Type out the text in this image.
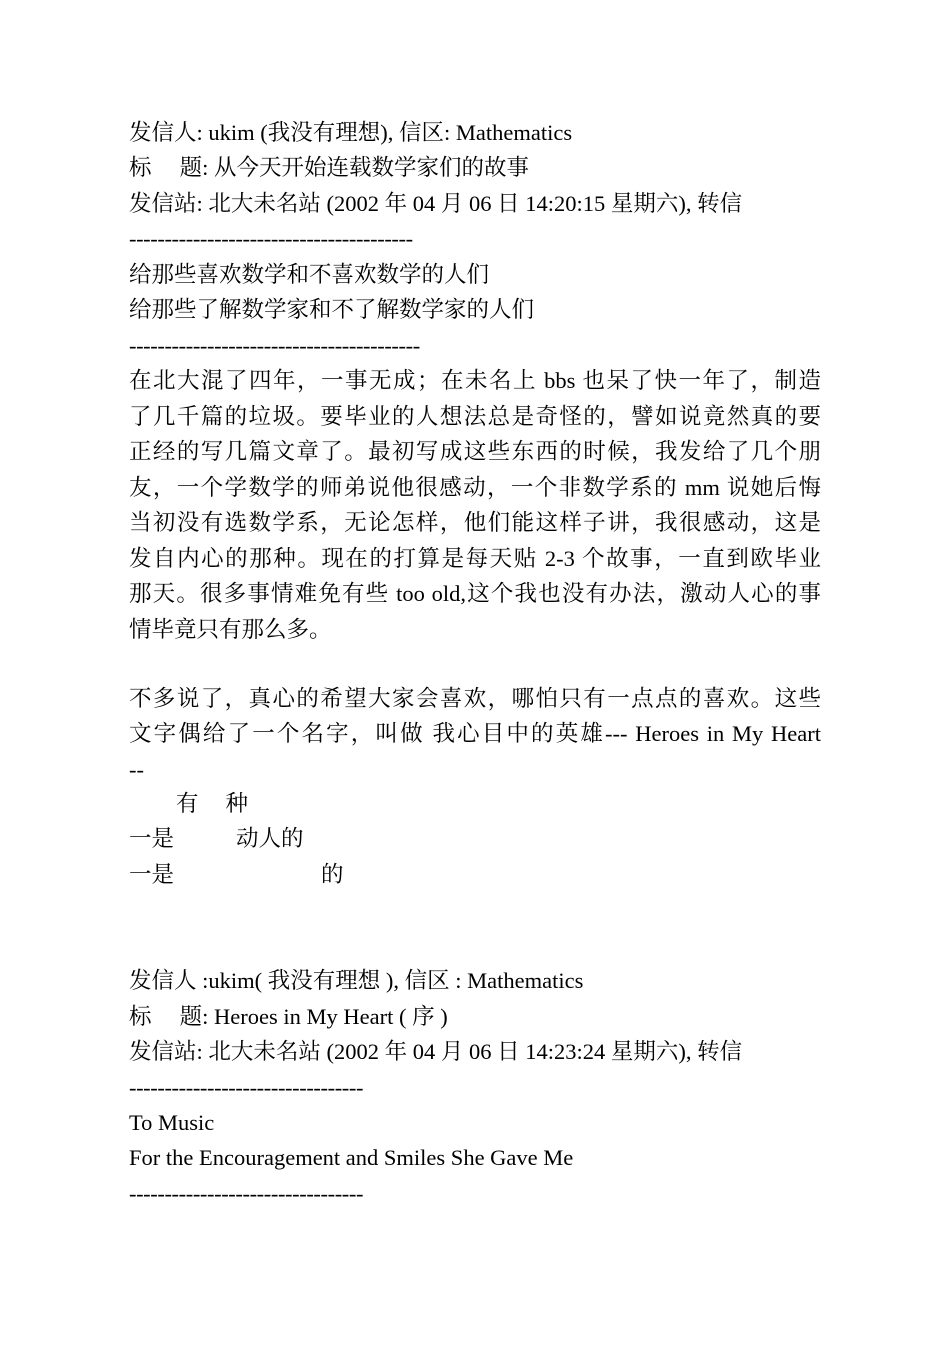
发信人: ukim (我没有理想), 信区: Mathematics

标　 题: 从今天开始连载数学家们的故事

发信站: 北大未名站 (2002 年 04 月 06 日 14:20:15 星期六), 转信

----------------------------------------

给那些喜欢数学和不喜欢数学的人们

给那些了解数学家和不了解数学家的人们

-----------------------------------------

在北大混了四年，一事无成；在未名上 bbs 也呆了快一年了，制造

了几千篇的垃圾。要毕业的人想法总是奇怪的，譬如说竟然真的要

正经的写几篇文章了。最初写成这些东西的时候，我发给了几个朋

友，一个学数学的师弟说他很感动，一个非数学系的 mm 说她后悔

当初没有选数学系，无论怎样，他们能这样子讲，我很感动，这是

发自内心的那种。现在的打算是每天贴 2-3 个故事，一直到欧毕业

那天。很多事情难免有些 too old,这个我也没有办法，激动人心的事

情毕竟只有那么多。

不多说了，真心的希望大家会喜欢，哪怕只有一点点的喜欢。这些

文字偶给了一个名字，叫做 我心目中的英雄--- Heroes in My Heart

--

有 种

一是	动人的

一是	的

发信人 :ukim( 我没有理想 ), 信区 : Mathematics

标　 题: Heroes in My Heart ( 序 )

发信站: 北大未名站 (2002 年 04 月 06 日 14:23:24 星期六), 转信

---------------------------------

To Music

For the Encouragement and Smiles She Gave Me

---------------------------------
